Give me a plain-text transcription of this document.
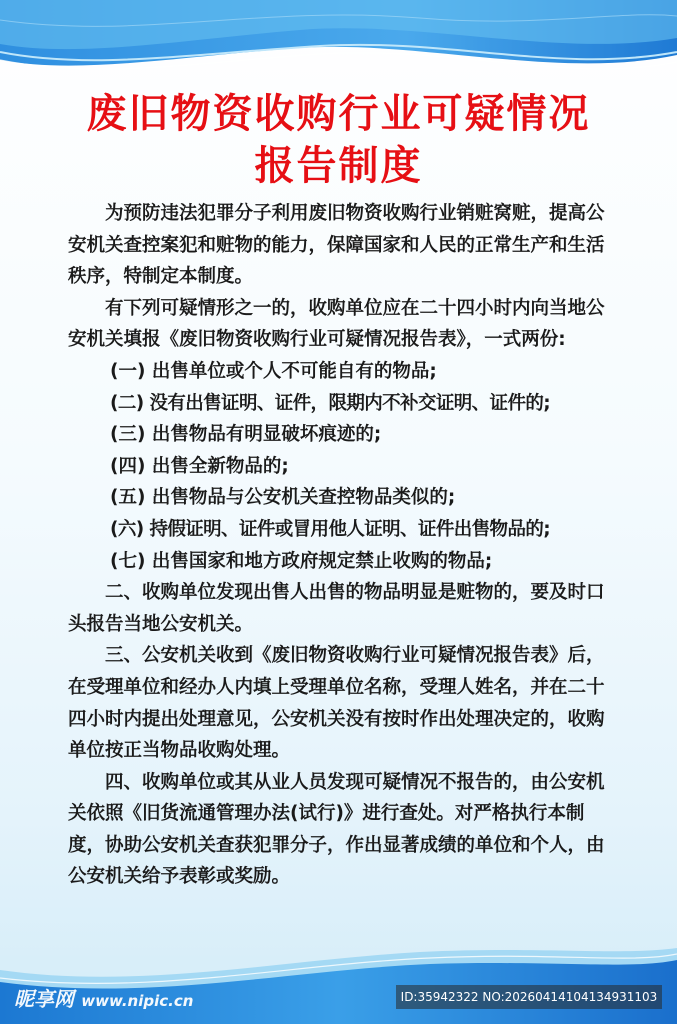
废旧物资收购行业可疑情况
报告制度

为预防违法犯罪分子利用废旧物资收购行业销赃窝赃，提高公安机关查控案犯和赃物的能力，保障国家和人民的正常生产和生活秩序，特制定本制度。

有下列可疑情形之一的，收购单位应在二十四小时内向当地公安机关填报《废旧物资收购行业可疑情况报告表》，一式两份:

(一) 出售单位或个人不可能自有的物品;

(二) 没有出售证明、证件，限期内不补交证明、证件的;

(三) 出售物品有明显破坏痕迹的;

(四) 出售全新物品的;

(五) 出售物品与公安机关查控物品类似的;

(六) 持假证明、证件或冒用他人证明、证件出售物品的;

(七) 出售国家和地方政府规定禁止收购的物品;

二、收购单位发现出售人出售的物品明显是赃物的，要及时口头报告当地公安机关。

三、公安机关收到《废旧物资收购行业可疑情况报告表》后，在受理单位和经办人内填上受理单位名称，受理人姓名，并在二十四小时内提出处理意见，公安机关没有按时作出处理决定的，收购单位按正当物品收购处理。

四、收购单位或其从业人员发现可疑情况不报告的，由公安机关依照《旧货流通管理办法(试行)》进行查处。对严格执行本制度，协助公安机关查获犯罪分子，作出显著成绩的单位和个人，由公安机关给予表彰或奖励。

昵享网 www.nipic.cn	ID:35942322 NO:20260414104134931103
